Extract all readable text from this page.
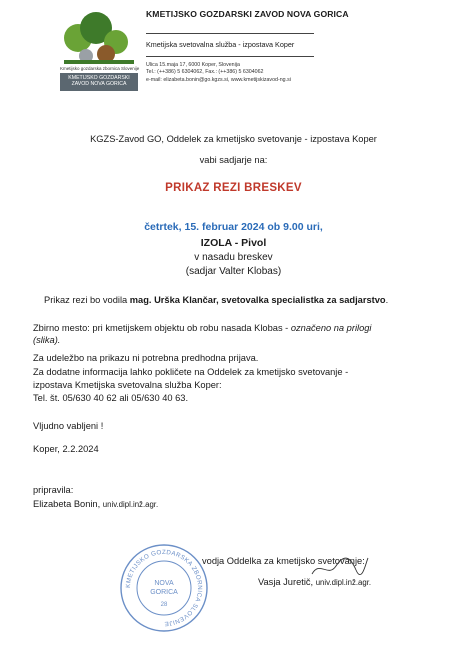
Kmetijsko gozdarska zbornica Slovenije
KMETIJSKO GOZDARSKI ZAVOD NOVA GORICA
KMETIJSKO GOZDARSKI ZAVOD NOVA GORICA
Kmetijska svetovalna služba - izpostava Koper
Ulica 15.maja 17, 6000 Koper, Slovenija
Tel.: (++386) 5 6304062, Fax.: (++386) 5 6304062
e-mail: elizabeta.bonin@go.kgzs.si, www.kmetijskizavod-ng.si
KGZS-Zavod GO, Oddelek za kmetijsko svetovanje - izpostava Koper
vabi sadjarje na:
PRIKAZ REZI BRESKEV
četrtek, 15. februar 2024 ob 9.00 uri,
IZOLA - Pivol
v nasadu breskev
(sadjar Valter Klobas)
Prikaz rezi bo vodila mag. Urška Klančar, svetovalka specialistka za sadjarstvo.
Zbirno mesto: pri kmetijskem objektu ob robu nasada Klobas - označeno na prilogi
(slika).
Za udeležbo na prikazu ni potrebna predhodna prijava.
Za dodatne informacija lahko pokličete na Oddelek za kmetijsko svetovanje -
izpostava Kmetijska svetovalna služba Koper:
Tel. št. 05/630 40 62 ali 05/630 40 63.
Vljudno vabljeni !
Koper, 2.2.2024
pripravila:
Elizabeta Bonin, univ.dipl.inž.agr.
vodja Oddelka za kmetijsko svetovanje:
Vasja Juretič, univ.dipl.inž.agr.
KMETIJSKO GOZDARSKA ZBORNICA SLOVENIJE
NOVA
GORICA
28
